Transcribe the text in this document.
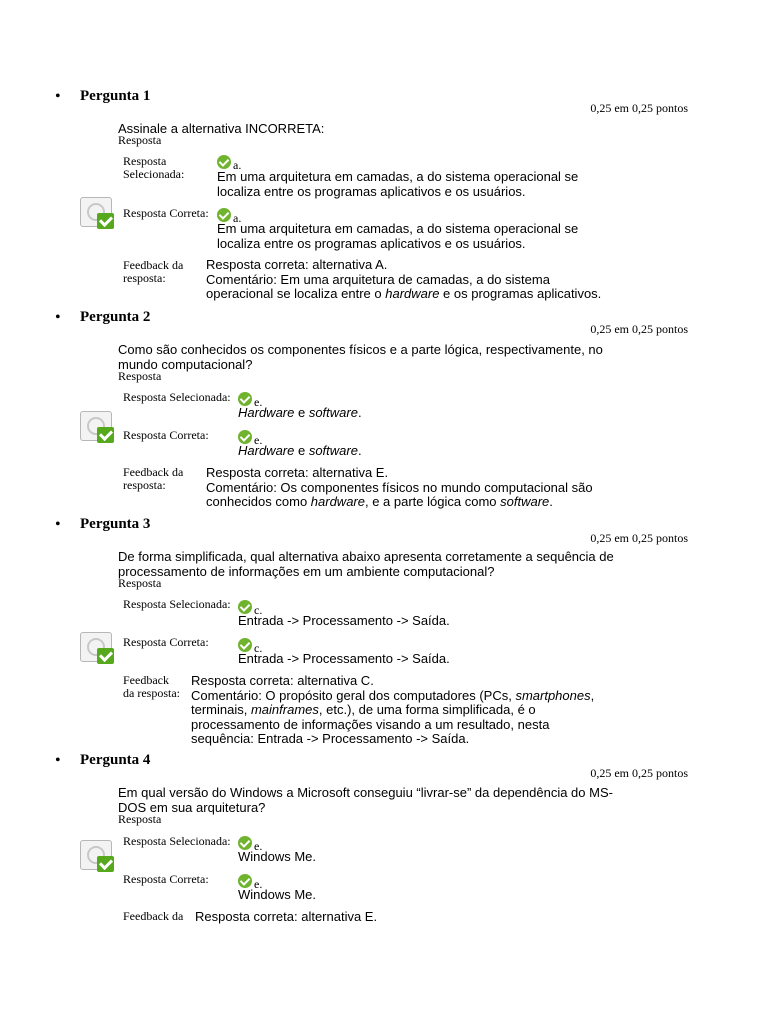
• Pergunta 1
0,25 em 0,25 pontos
Assinale a alternativa INCORRETA:
Resposta
Resposta
Selecionada:
a.
Em uma arquitetura em camadas, a do sistema operacional se
localiza entre os programas aplicativos e os usuários.
Resposta Correta:	a.
Em uma arquitetura em camadas, a do sistema operacional se
localiza entre os programas aplicativos e os usuários.
Feedback da
resposta:
Resposta correta: alternativa A.
Comentário: Em uma arquitetura de camadas, a do sistema
operacional se localiza entre o hardware e os programas aplicativos.
• Pergunta 2
0,25 em 0,25 pontos
Como são conhecidos os componentes físicos e a parte lógica, respectivamente, no
mundo computacional?
Resposta
Resposta Selecionada:	e.
Hardware e software.
Resposta Correta:	e.
Hardware e software.
Feedback da
resposta:
Resposta correta: alternativa E.
Comentário: Os componentes físicos no mundo computacional são
conhecidos como hardware, e a parte lógica como software.
• Pergunta 3
0,25 em 0,25 pontos
De forma simplificada, qual alternativa abaixo apresenta corretamente a sequência de
processamento de informações em um ambiente computacional?
Resposta
Resposta Selecionada:	c.
Entrada -> Processamento -> Saída.
Resposta Correta:	c.
Entrada -> Processamento -> Saída.
Feedback
da resposta:
Resposta correta: alternativa C.
Comentário: O propósito geral dos computadores (PCs, smartphones,
terminais, mainframes, etc.), de uma forma simplificada, é o
processamento de informações visando a um resultado, nesta
sequência: Entrada -> Processamento -> Saída.
• Pergunta 4
0,25 em 0,25 pontos
Em qual versão do Windows a Microsoft conseguiu “livrar-se” da dependência do MS-
DOS em sua arquitetura?
Resposta
Resposta Selecionada:	e.
Windows Me.
Resposta Correta:	e.
Windows Me.
Feedback da Resposta correta: alternativa E.
